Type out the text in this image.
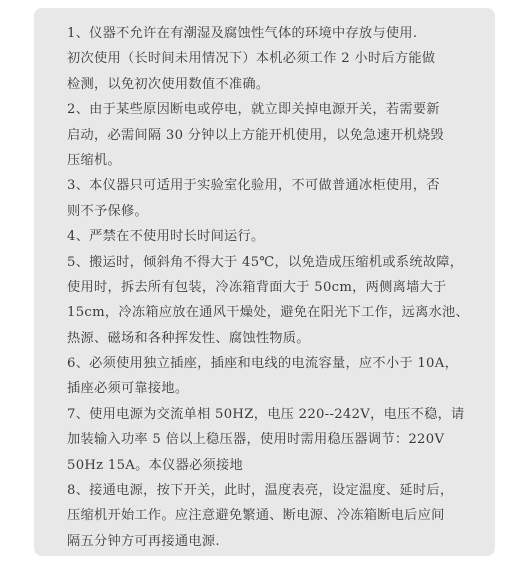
1、仪器不允许在有潮湿及腐蚀性气体的环境中存放与使用.
初次使用（长时间未用情况下）本机必须工作 2 小时后方能做
检测，以免初次使用数值不准确。
2、由于某些原因断电或停电，就立即关掉电源开关，若需要新
启动，必需间隔 30 分钟以上方能开机使用，以免急速开机烧毁
压缩机。
3、本仪器只可适用于实验室化验用，不可做普通冰柜使用，否
则不予保修。
4、严禁在不使用时长时间运行。
5、搬运时，倾斜角不得大于 45℃，以免造成压缩机或系统故障，
使用时，拆去所有包装，冷冻箱背面大于 50cm，两侧离墙大于
15cm，冷冻箱应放在通风干燥处，避免在阳光下工作，远离水池、
热源、磁场和各种挥发性、腐蚀性物质。
6、必须使用独立插座，插座和电线的电流容量，应不小于 10A，
插座必须可靠接地。
7、使用电源为交流单相 50HZ，电压 220--242V，电压不稳，请
加装输入功率 5 倍以上稳压器，使用时需用稳压器调节：220V
50Hz 15A。本仪器必须接地
8、接通电源，按下开关，此时，温度表亮，设定温度、延时后，
压缩机开始工作。应注意避免繁通、断电源、冷冻箱断电后应间
隔五分钟方可再接通电源.
